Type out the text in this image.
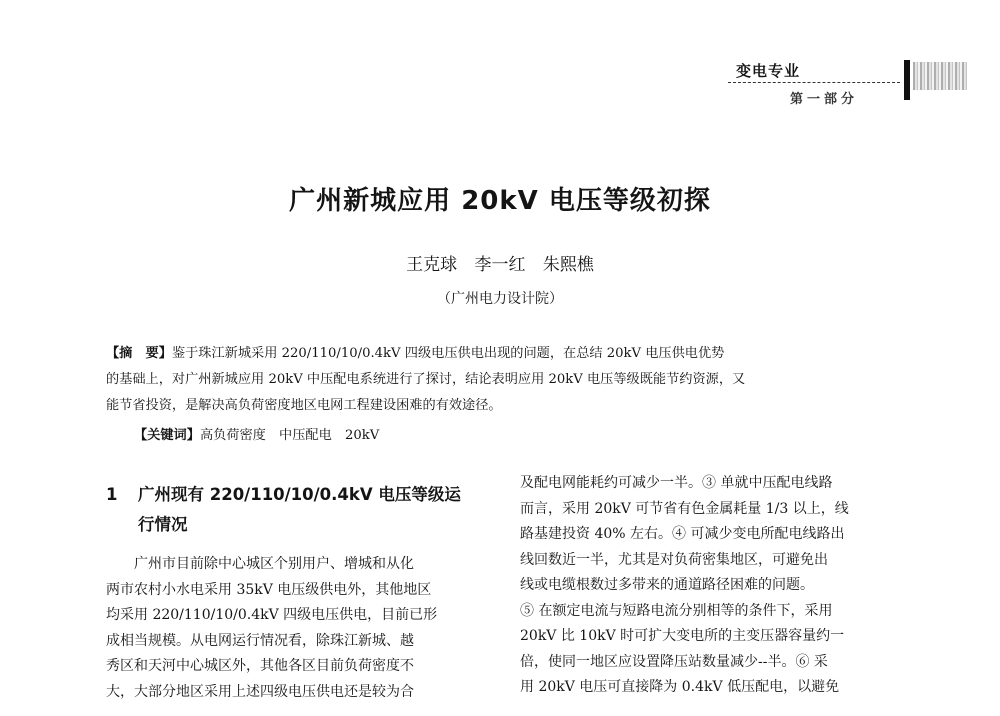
变电专业
第一部分
广州新城应用 20kV 电压等级初探
王克球 李一红 朱熙樵
（广州电力设计院）
【摘　要】鉴于珠江新城采用 220/110/10/0.4kV 四级电压供电出现的问题，在总结 20kV 电压供电优势
的基础上，对广州新城应用 20kV 中压配电系统进行了探讨，结论表明应用 20kV 电压等级既能节约资源，又
能节省投资，是解决高负荷密度地区电网工程建设困难的有效途径。
【关键词】高负荷密度　中压配电　20kV
1 广州现有 220/110/10/0.4kV 电压等级运
行情况
　　广州市目前除中心城区个别用户、增城和从化
两市农村小水电采用 35kV 电压级供电外，其他地区
均采用 220/110/10/0.4kV 四级电压供电，目前已形
成相当规模。从电网运行情况看，除珠江新城、越
秀区和天河中心城区外，其他各区目前负荷密度不
大，大部分地区采用上述四级电压供电还是较为合
及配电网能耗约可减少一半。③ 单就中压配电线路
而言，采用 20kV 可节省有色金属耗量 1/3 以上，线
路基建投资 40% 左右。④ 可减少变电所配电线路出
线回数近一半，尤其是对负荷密集地区，可避免出
线或电缆根数过多带来的通道路径困难的问题。
⑤ 在额定电流与短路电流分别相等的条件下，采用
20kV 比 10kV 时可扩大变电所的主变压器容量约一
倍，使同一地区应设置降压站数量减少--半。⑥ 采
用 20kV 电压可直接降为 0.4kV 低压配电，以避免
